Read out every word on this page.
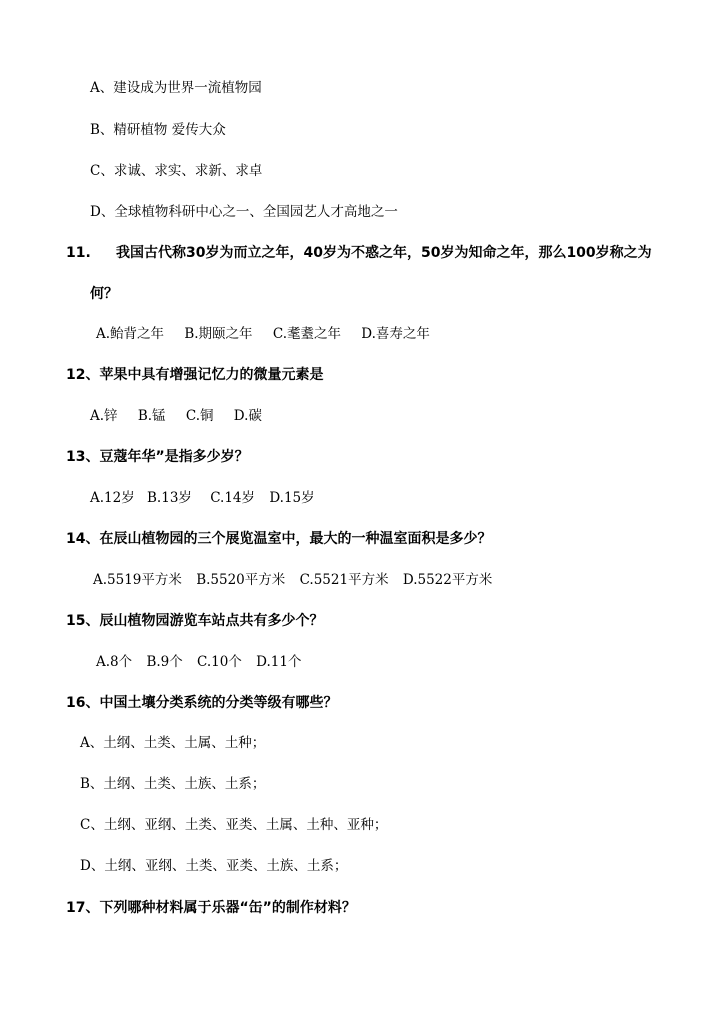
A、建设成为世界一流植物园
B、精研植物 爱传大众
C、求诚、求实、求新、求卓
D、全球植物科研中心之一、全国园艺人才高地之一
11. 我国古代称30岁为而立之年，40岁为不惑之年，50岁为知命之年，那么100岁称之为
何？
A.鲐背之年 B.期颐之年 C.耄耋之年 D.喜寿之年
12、苹果中具有增强记忆力的微量元素是
A.锌 B.锰 C.铜 D.碳
13、豆蔻年华”是指多少岁？
A.12岁 B.13岁 C.14岁 D.15岁
14、在辰山植物园的三个展览温室中，最大的一种温室面积是多少？
A.5519平方米 B.5520平方米 C.5521平方米 D.5522平方米
15、辰山植物园游览车站点共有多少个？
A.8个 B.9个 C.10个 D.11个
16、中国土壤分类系统的分类等级有哪些？
A、土纲、土类、土属、土种；
B、土纲、土类、土族、土系；
C、土纲、亚纲、土类、亚类、土属、土种、亚种；
D、土纲、亚纲、土类、亚类、土族、土系；
17、下列哪种材料属于乐器“缶”的制作材料？
